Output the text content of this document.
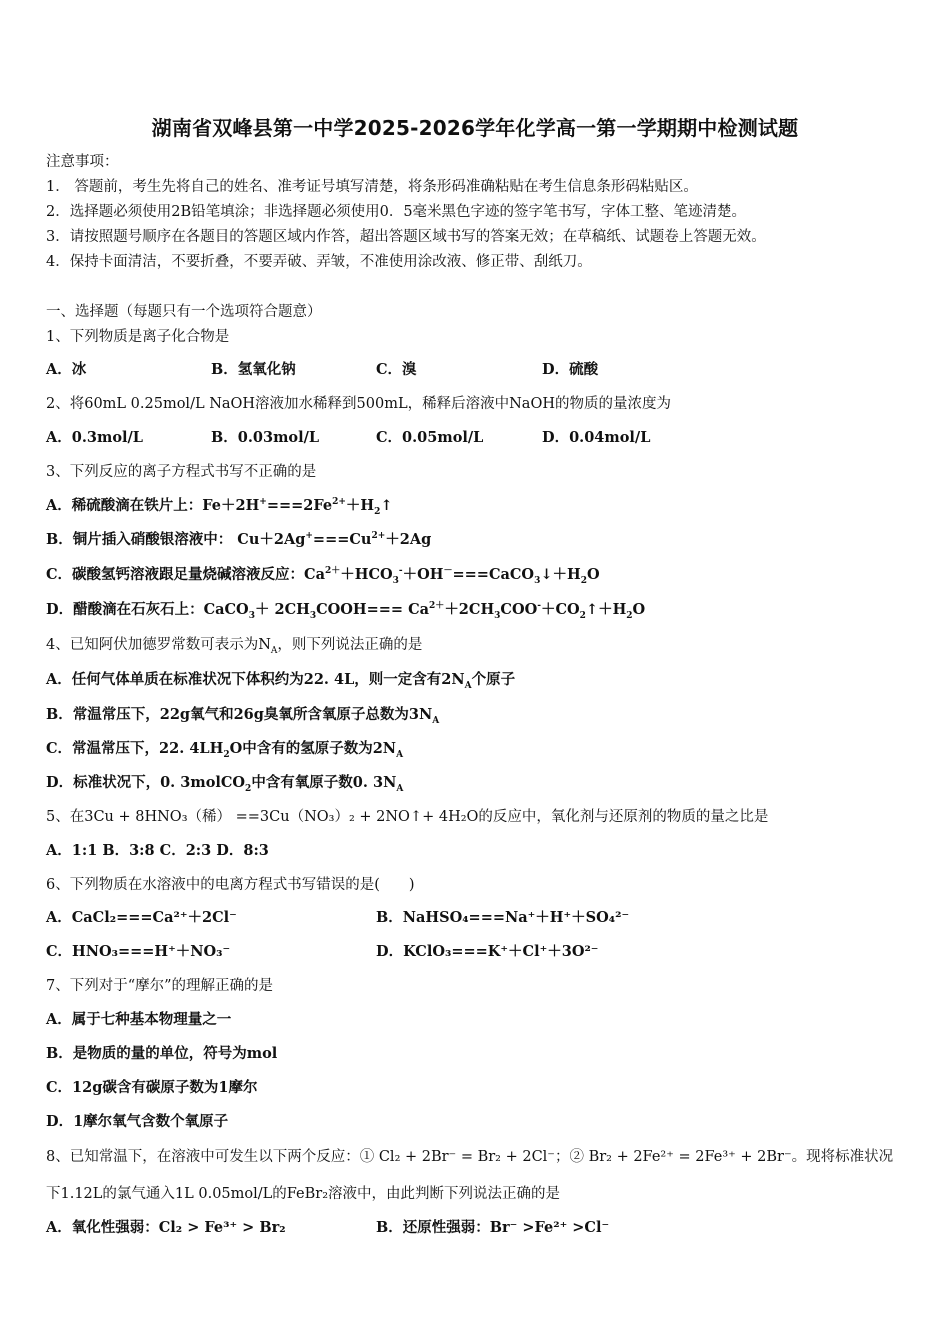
湖南省双峰县第一中学2025-2026学年化学高一第一学期期中检测试题
注意事项：
1． 答题前，考生先将自己的姓名、准考证号填写清楚，将条形码准确粘贴在考生信息条形码粘贴区。
2．选择题必须使用2B铅笔填涂；非选择题必须使用0．5毫米黑色字迹的签字笔书写，字体工整、笔迹清楚。
3．请按照题号顺序在各题目的答题区域内作答，超出答题区域书写的答案无效；在草稿纸、试题卷上答题无效。
4．保持卡面清洁，不要折叠，不要弄破、弄皱，不准使用涂改液、修正带、刮纸刀。
一、选择题（每题只有一个选项符合题意）
1、下列物质是离子化合物是
A．冰	B．氢氧化钠	C．溴	D．硫酸
2、将60mL 0.25mol/L NaOH溶液加水稀释到500mL，稀释后溶液中NaOH的物质的量浓度为
A．0.3mol/L	B．0.03mol/L	C．0.05mol/L	D．0.04mol/L
3、下列反应的离子方程式书写不正确的是
A．稀硫酸滴在铁片上：$Fe+2H^+===2Fe^{2+}+H_2↑$
B．铜片插入硝酸银溶液中： $Cu+2Ag^+===Cu^{2+}+2Ag$
C．碳酸氢钙溶液跟足量烧碱溶液反应：$Ca^{2+}+HCO_3^-+OH^-===CaCO_3↓+H_2O$
D．醋酸滴在石灰石上：CaCO$_3$＋ $2CH_3COOH===$ $Ca^{2+}+2CH_3COO^-+CO_2↑+H_2O$
4、已知阿伏加德罗常数可表示为$N_A$，则下列说法正确的是
A．任何气体单质在标准状况下体积约为22. 4L，则一定含有$2N_A$个原子
B．常温常压下，22g氧气和26g臭氧所含氧原子总数为$3N_A$
C．常温常压下，22. $4LH_2O$中含有的氢原子数为$2N_A$
D．标准状况下，0. 3molCO$_2$中含有氧原子数0. $3N_A$
5、在3Cu + 8HNO₃（稀） ==3Cu（NO₃）₂ + 2NO↑+ 4H₂O的反应中，氧化剂与还原剂的物质的量之比是
A．1:1 B．3:8 C．2:3 D．8:3
6、下列物质在水溶液中的电离方程式书写错误的是(　　)
A．CaCl₂===Ca²⁺＋2Cl⁻	B．NaHSO₄===Na⁺＋H⁺＋SO₄²⁻
C．HNO₃===H⁺＋NO₃⁻	D．KClO₃===K⁺＋Cl⁺＋3O²⁻
7、下列对于“摩尔”的理解正确的是
A．属于七种基本物理量之一
B．是物质的量的单位，符号为mol
C．12g碳含有碳原子数为1摩尔
D．1摩尔氧气含数个氧原子
8、已知常温下，在溶液中可发生以下两个反应：① Cl₂ + 2Br⁻ = Br₂ + 2Cl⁻；② Br₂ + 2Fe²⁺ = 2Fe³⁺ + 2Br⁻。现将标准状况
下1.12L的氯气通入1L 0.05mol/L的FeBr₂溶液中，由此判断下列说法正确的是
A．氧化性强弱：Cl₂ > Fe³⁺ > Br₂	B．还原性强弱：Br⁻ >Fe²⁺ >Cl⁻
